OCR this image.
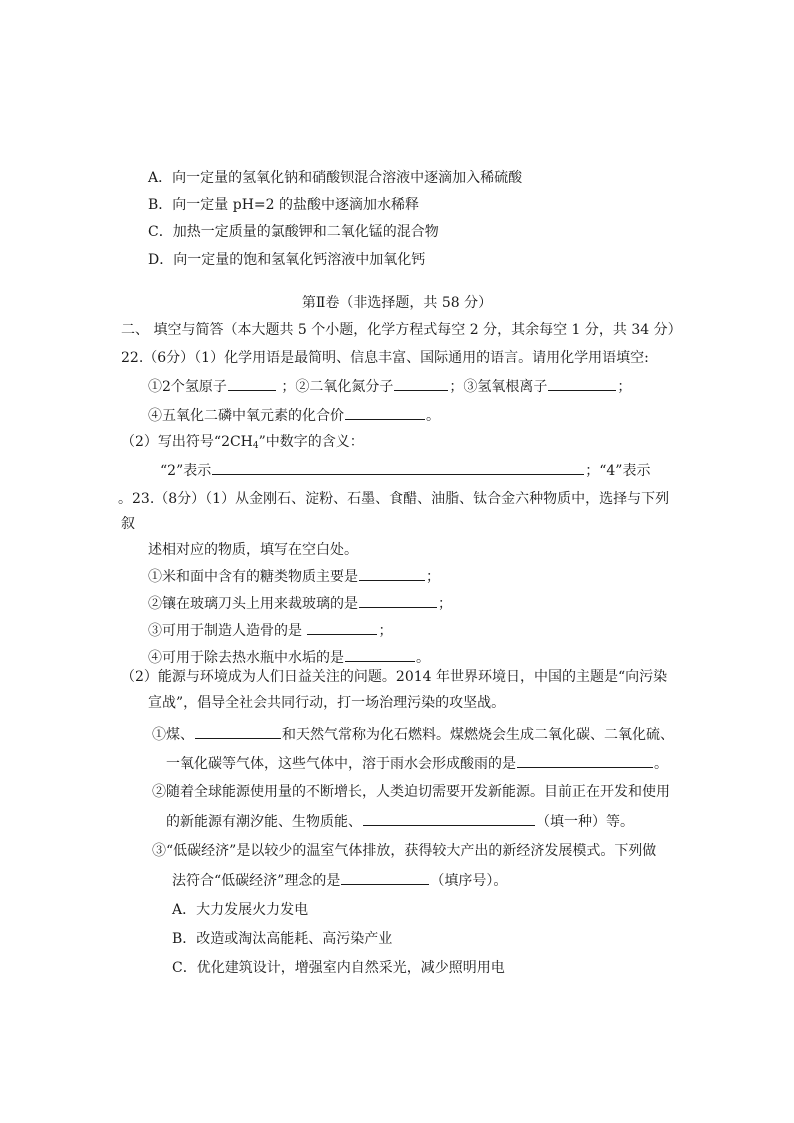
A．向一定量的氢氧化钠和硝酸钡混合溶液中逐滴加入稀硫酸
B．向一定量 pH=2 的盐酸中逐滴加水稀释
C．加热一定质量的氯酸钾和二氧化锰的混合物
D．向一定量的饱和氢氧化钙溶液中加氧化钙
第Ⅱ卷（非选择题，共 58 分）
二、 填空与简答（本大题共 5 个小题，化学方程式每空 2 分，其余每空 1 分，共 34 分）
22.（6分）（1）化学用语是最简明、信息丰富、国际通用的语言。请用化学用语填空:
①2个氢原子	；②二氧化氮分子	；③氢氧根离子	；
④五氧化二磷中氧元素的化合价	。
（2）写出符号“$2CH_4$”中数字的含义：
“2”表示	；“4”表示
。23.（8分）（1）从金刚石、淀粉、石墨、食醋、油脂、钛合金六种物质中，选择与下列
叙
述相对应的物质，填写在空白处。
①米和面中含有的糖类物质主要是	；
②镶在玻璃刀头上用来裁玻璃的是	；
③可用于制造人造骨的是	；
④可用于除去热水瓶中水垢的是	。
（2）能源与环境成为人们日益关注的问题。2014 年世界环境日，中国的主题是“向污染
宣战”，倡导全社会共同行动，打一场治理污染的攻坚战。
①煤、	和天然气常称为化石燃料。煤燃烧会生成二氧化碳、二氧化硫、
一氧化碳等气体，这些气体中，溶于雨水会形成酸雨的是	。
②随着全球能源使用量的不断增长，人类迫切需要开发新能源。目前正在开发和使用
的新能源有潮汐能、生物质能、	（填一种）等。
③“低碳经济”是以较少的温室气体排放，获得较大产出的新经济发展模式。下列做
法符合“低碳经济”理念的是	（填序号）。
A．大力发展火力发电
B．改造或淘汰高能耗、高污染产业
C．优化建筑设计，增强室内自然采光，减少照明用电
